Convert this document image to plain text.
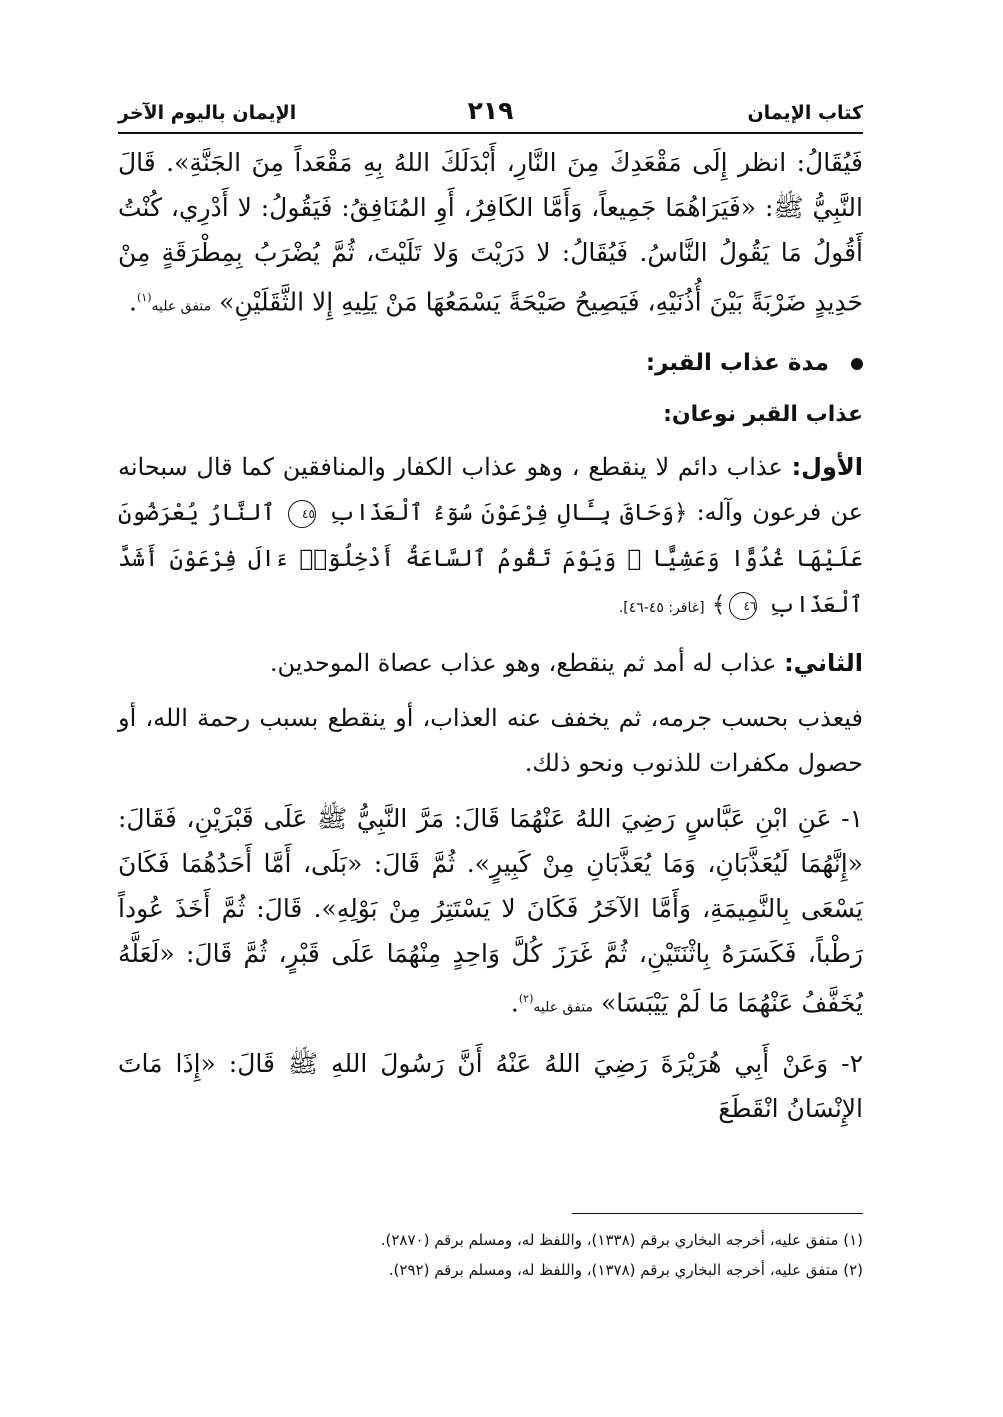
كتاب الإيمان
٢١٩
الإيمان باليوم الآخر

فَيُقَالُ: انظر إِلَى مَقْعَدِكَ مِنَ النَّارِ، أَبْدَلَكَ اللهُ بِهِ مَقْعَداً مِنَ الجَنَّةِ». قَالَ النَّبِيُّ ﷺ: «فَيَرَاهُمَا جَمِيعاً، وَأَمَّا الكَافِرُ، أَوِ المُنَافِقُ: فَيَقُولُ: لا أَدْرِي، كُنْتُ أَقُولُ مَا يَقُولُ النَّاسُ. فَيُقَالُ: لا دَرَيْتَ وَلا تَلَيْتَ، ثُمَّ يُضْرَبُ بِمِطْرَقَةٍ مِنْ حَدِيدٍ ضَرْبَةً بَيْنَ أُذُنَيْهِ، فَيَصِيحُ صَيْحَةً يَسْمَعُهَا مَنْ يَلِيهِ إِلا الثَّقَلَيْنِ» متفق عليه$^{(١)}$.

مدة عذاب القبر:

عذاب القبر نوعان:

الأول: عذاب دائم لا ينقطع ، وهو عذاب الكفار والمنافقين كما قال سبحانه عن فرعون وآله: ﴿وَحَاقَ بِـَٔالِ فِرْعَوْنَ سُوٓءُ ٱلْعَذَابِ ٤٥ ٱلنَّارُ يُعْرَضُونَ عَلَيْهَا غُدُوًّا وَعَشِيًّا ۖ وَيَوْمَ تَقُومُ ٱلسَّاعَةُ أَدْخِلُوٓا۟ ءَالَ فِرْعَوْنَ أَشَدَّ ٱلْعَذَابِ ٤٦﴾ [غافر: ٤٥-٤٦].

الثاني: عذاب له أمد ثم ينقطع، وهو عذاب عصاة الموحدين.

فيعذب بحسب جرمه، ثم يخفف عنه العذاب، أو ينقطع بسبب رحمة الله، أو حصول مكفرات للذنوب ونحو ذلك.

١- عَنِ ابْنِ عَبَّاسٍ رَضِيَ اللهُ عَنْهُمَا قَالَ: مَرَّ النَّبِيُّ ﷺ عَلَى قَبْرَيْنِ، فَقَالَ: «إِنَّهُمَا لَيُعَذَّبَانِ، وَمَا يُعَذَّبَانِ مِنْ كَبِيرٍ». ثُمَّ قَالَ: «بَلَى، أَمَّا أَحَدُهُمَا فَكَانَ يَسْعَى بِالنَّمِيمَةِ، وَأَمَّا الآخَرُ فَكَانَ لا يَسْتَتِرُ مِنْ بَوْلِهِ». قَالَ: ثُمَّ أَخَذَ عُوداً رَطْباً، فَكَسَرَهُ بِاثْنَتَيْنِ، ثُمَّ غَرَزَ كُلَّ وَاحِدٍ مِنْهُمَا عَلَى قَبْرٍ، ثُمَّ قَالَ: «لَعَلَّهُ يُخَفَّفُ عَنْهُمَا مَا لَمْ يَيْبَسَا» متفق عليه$^{(٢)}$.

٢- وَعَنْ أَبِي هُرَيْرَةَ رَضِيَ اللهُ عَنْهُ أَنَّ رَسُولَ اللهِ ﷺ قَالَ: «إِذَا مَاتَ الإِنْسَانُ انْقَطَعَ

(١) متفق عليه، أخرجه البخاري برقم (١٣٣٨)، واللفظ له، ومسلم برقم (٢٨٧٠).
(٢) متفق عليه، أخرجه البخاري برقم (١٣٧٨)، واللفظ له، ومسلم برقم (٢٩٢).
